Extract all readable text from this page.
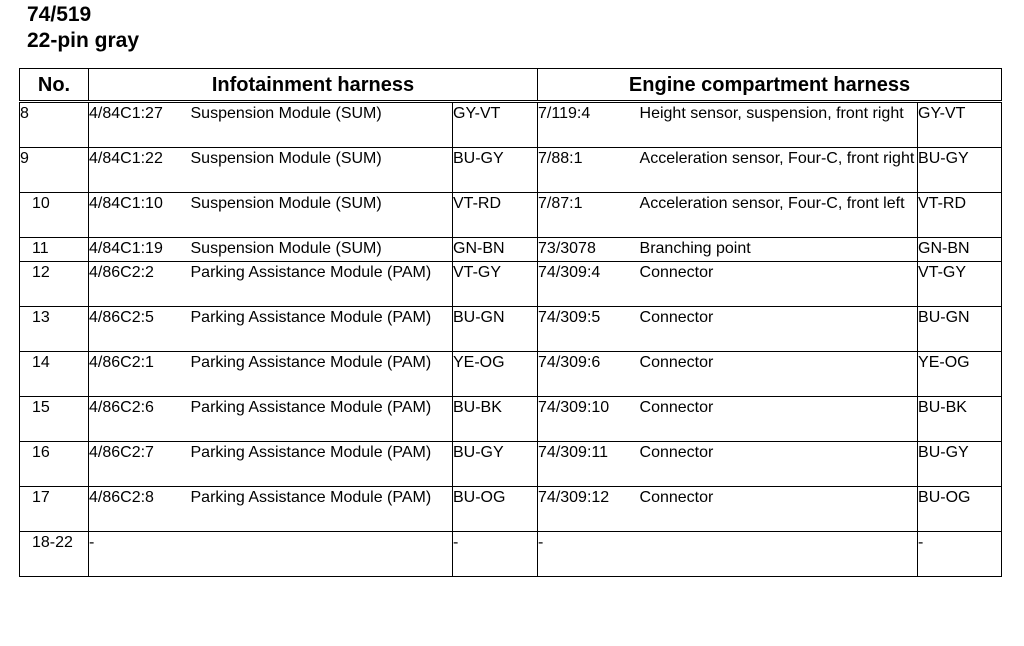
74/519
22-pin gray
No.	Infotainment harness			Engine compartment harness		
8	4/84C1:27	Suspension Module (SUM)	GY-VT	7/119:4	Height sensor, suspension, front right	GY-VT
9	4/84C1:22	Suspension Module (SUM)	BU-GY	7/88:1	Acceleration sensor, Four-C, front right	BU-GY
10	4/84C1:10	Suspension Module (SUM)	VT-RD	7/87:1	Acceleration sensor, Four-C, front left	VT-RD
11	4/84C1:19	Suspension Module (SUM)	GN-BN	73/3078	Branching point	GN-BN
12	4/86C2:2	Parking Assistance Module (PAM)	VT-GY	74/309:4	Connector	VT-GY
13	4/86C2:5	Parking Assistance Module (PAM)	BU-GN	74/309:5	Connector	BU-GN
14	4/86C2:1	Parking Assistance Module (PAM)	YE-OG	74/309:6	Connector	YE-OG
15	4/86C2:6	Parking Assistance Module (PAM)	BU-BK	74/309:10	Connector	BU-BK
16	4/86C2:7	Parking Assistance Module (PAM)	BU-GY	74/309:11	Connector	BU-GY
17	4/86C2:8	Parking Assistance Module (PAM)	BU-OG	74/309:12	Connector	BU-OG
18-22	-		-	-		-
